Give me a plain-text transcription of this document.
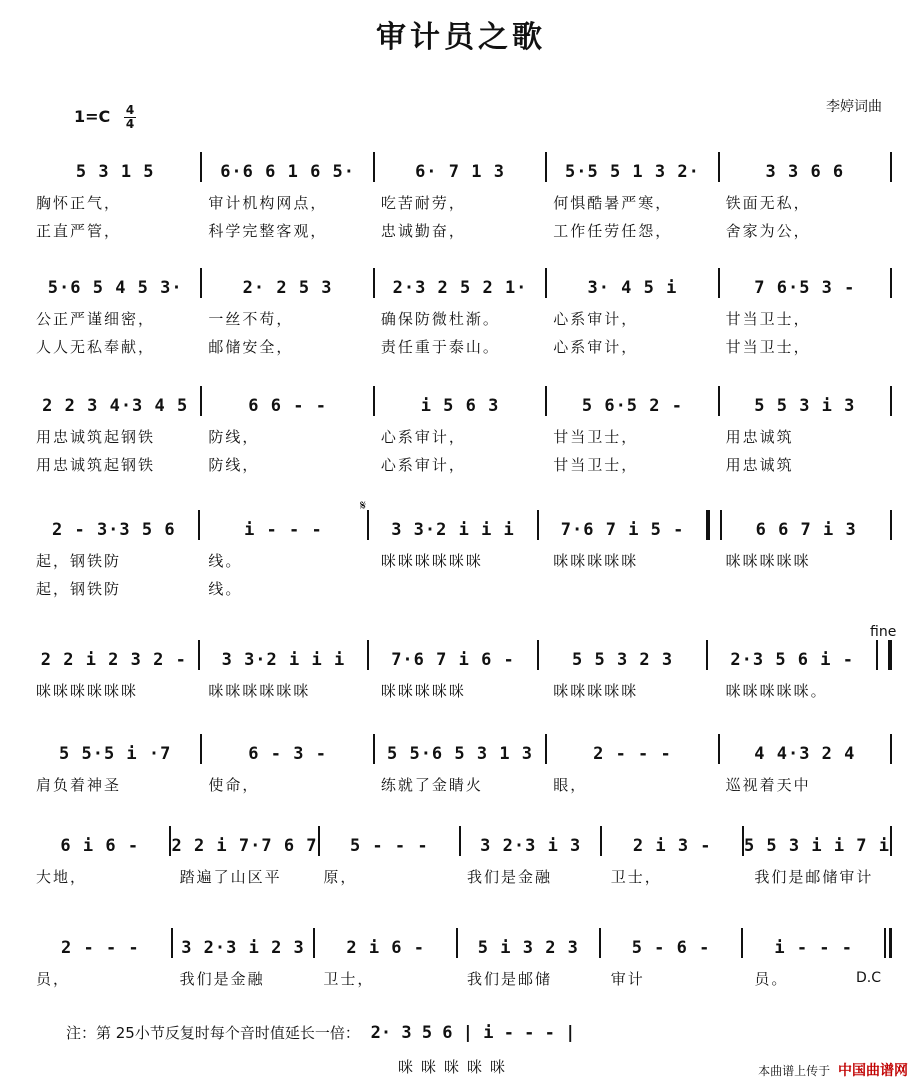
审计员之歌
$1=C \frac{4}{4}$	李婷词曲
5 3 1 5	6·6 6 1 6 5·	6· 7 1 3	5·5 5 1 3 2·	3 3 6 6
胸怀正气，	审计机构网点，	吃苦耐劳，	何惧酷暑严寒，	铁面无私，
正直严管，	科学完整客观，	忠诚勤奋，	工作任劳任怨，	舍家为公，
5·6 5 4 5 3·	2· 2 5 3	2·3 2 5 2 1·	3· 4 5 i	7 6·5 3 -
公正严谨细密，	一丝不苟，	确保防微杜渐。	心系审计，	甘当卫士，
人人无私奉献，	邮储安全，	责任重于泰山。	心系审计，	甘当卫士，
2 2 3 4·3 4 5	6 6 - -	i 5 6 3	5 6·5 2 -	5 5 3 i 3
用忠诚筑起钢铁	防线，	心系审计，	甘当卫士，	用忠诚筑
用忠诚筑起钢铁	防线，	心系审计，	甘当卫士，	用忠诚筑
2 - 3·3 5 6	i - - -	3 3·2 i i i	7·6 7 i 5 -	6 6 7 i 3
起，钢铁防	线。	咪咪咪咪咪咪	咪咪咪咪咪	咪咪咪咪咪
起，钢铁防	线。
2 2 i 2 3 2 -	3 3·2 i i i	7·6 7 i 6 -	5 5 3 2 3	2·3 5 6 i -
咪咪咪咪咪咪	咪咪咪咪咪咪	咪咪咪咪咪	咪咪咪咪咪	咪咪咪咪咪。
5 5·5 i ·7	6 - 3 -	5 5·6 5 3 1 3	2 - - -	4 4·3 2 4
肩负着神圣	使命，	练就了金睛火	眼，	巡视着天中
6 i 6 -	2 2 i 7·7 6 7	5 - - -	3 2·3 i 3	2 i 3 -	5 5 3 i i 7 i
大地，	踏遍了山区平	原，	我们是金融	卫士，	我们是邮储审计
2 - - -	3 2·3 i 2 3	2 i 6 -	5 i 3 2 3	5 - 6 -	i - - -
员，	我们是金融	卫士，	我们是邮储	审计	员。
𝄋
fine
D.C
注：第 25小节反复时每个音时值延长一倍： 2· 3 5 6 | i - - - |
咪咪咪咪咪	本曲谱上传于 中国曲谱网
